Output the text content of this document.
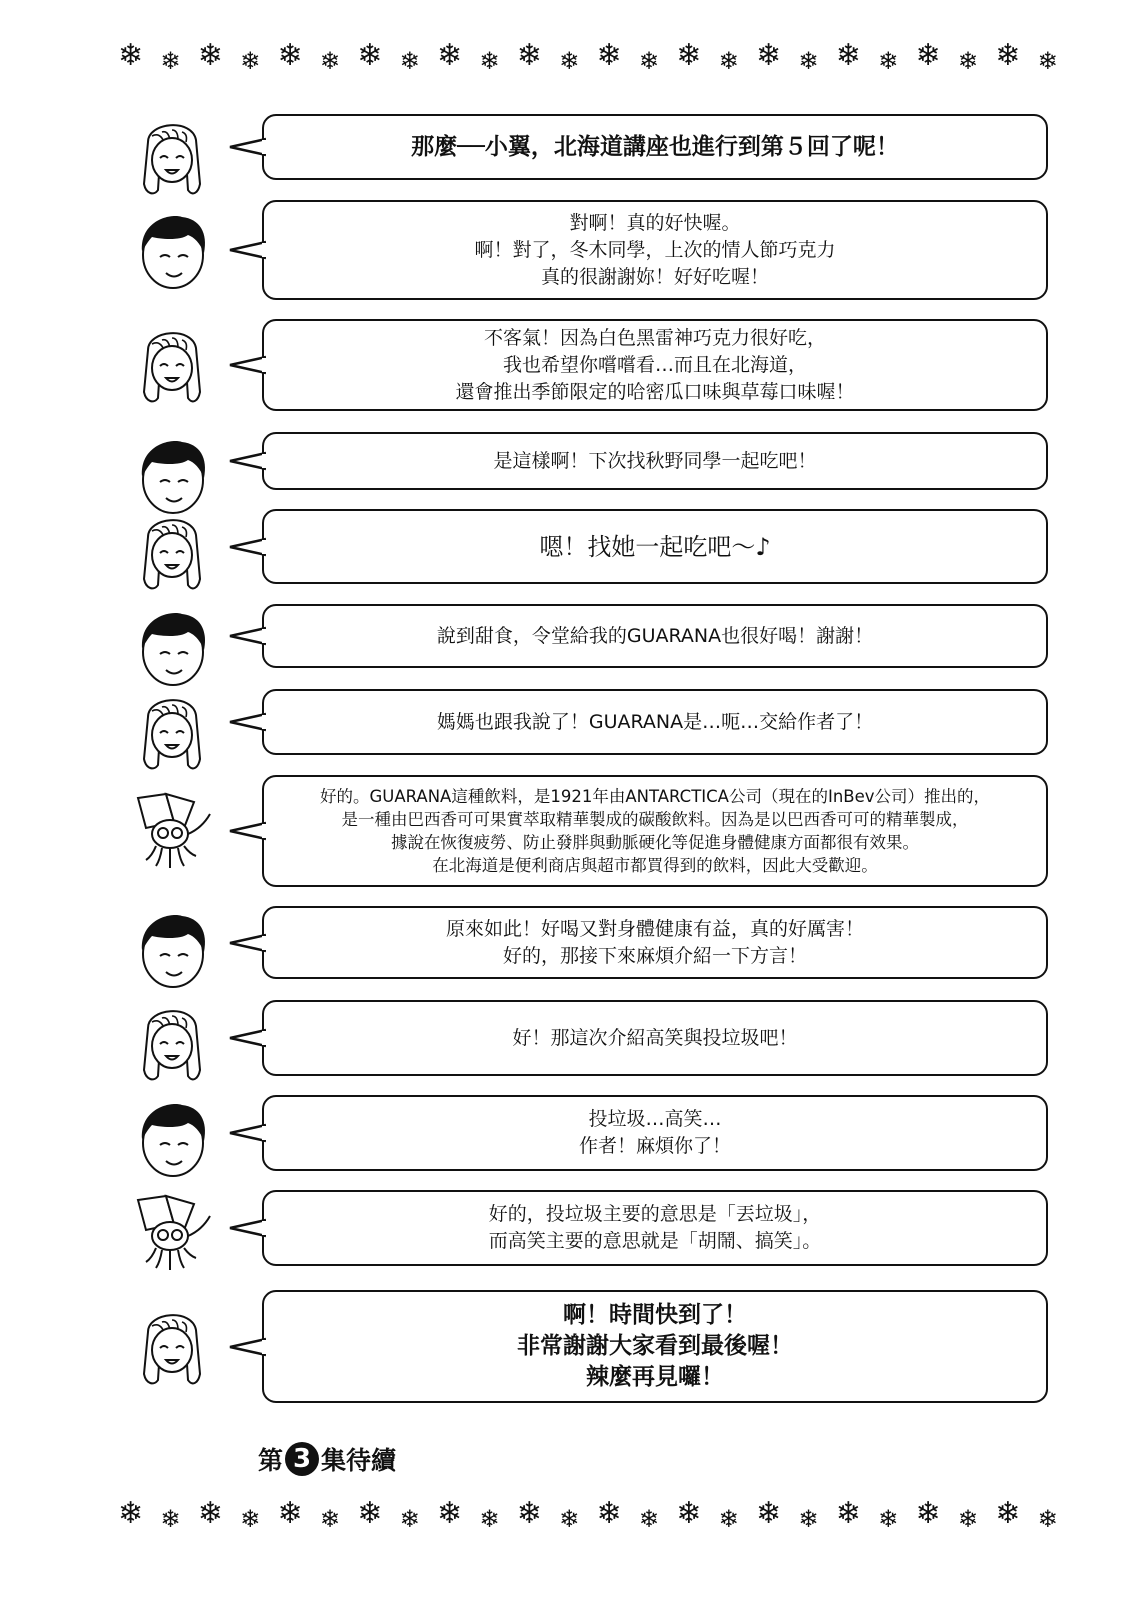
❄ ❄ ❄ ❄ ❄ ❄ ❄ ❄ ❄ ❄ ❄ ❄ ❄ ❄ ❄ ❄ ❄ ❄ ❄ ❄ ❄ ❄ ❄ ❄
那麼──小翼，北海道講座也進行到第５回了呢！
對啊！真的好快喔。
啊！對了，冬木同學，上次的情人節巧克力
真的很謝謝妳！好好吃喔！
不客氣！因為白色黑雷神巧克力很好吃，
我也希望你嚐嚐看…而且在北海道，
還會推出季節限定的哈密瓜口味與草莓口味喔！
是這樣啊！下次找秋野同學一起吃吧！
嗯！找她一起吃吧～♪
說到甜食，令堂給我的GUARANA也很好喝！謝謝！
媽媽也跟我說了！GUARANA是…呃…交給作者了！
好的。GUARANA這種飲料，是1921年由ANTARCTICA公司（現在的InBev公司）推出的，
是一種由巴西香可可果實萃取精華製成的碳酸飲料。因為是以巴西香可可的精華製成，
據說在恢復疲勞、防止發胖與動脈硬化等促進身體健康方面都很有效果。
在北海道是便利商店與超市都買得到的飲料，因此大受歡迎。
原來如此！好喝又對身體健康有益，真的好厲害！
好的，那接下來麻煩介紹一下方言！
好！那這次介紹高笑與投垃圾吧！
投垃圾…高笑…
作者！麻煩你了！
好的，投垃圾主要的意思是「丟垃圾」，
而高笑主要的意思就是「胡鬧、搞笑」。
啊！時間快到了！
非常謝謝大家看到最後喔！
辣麼再見囉！
第 3 集待續
❄ ❄ ❄ ❄ ❄ ❄ ❄ ❄ ❄ ❄ ❄ ❄ ❄ ❄ ❄ ❄ ❄ ❄ ❄ ❄ ❄ ❄ ❄ ❄
